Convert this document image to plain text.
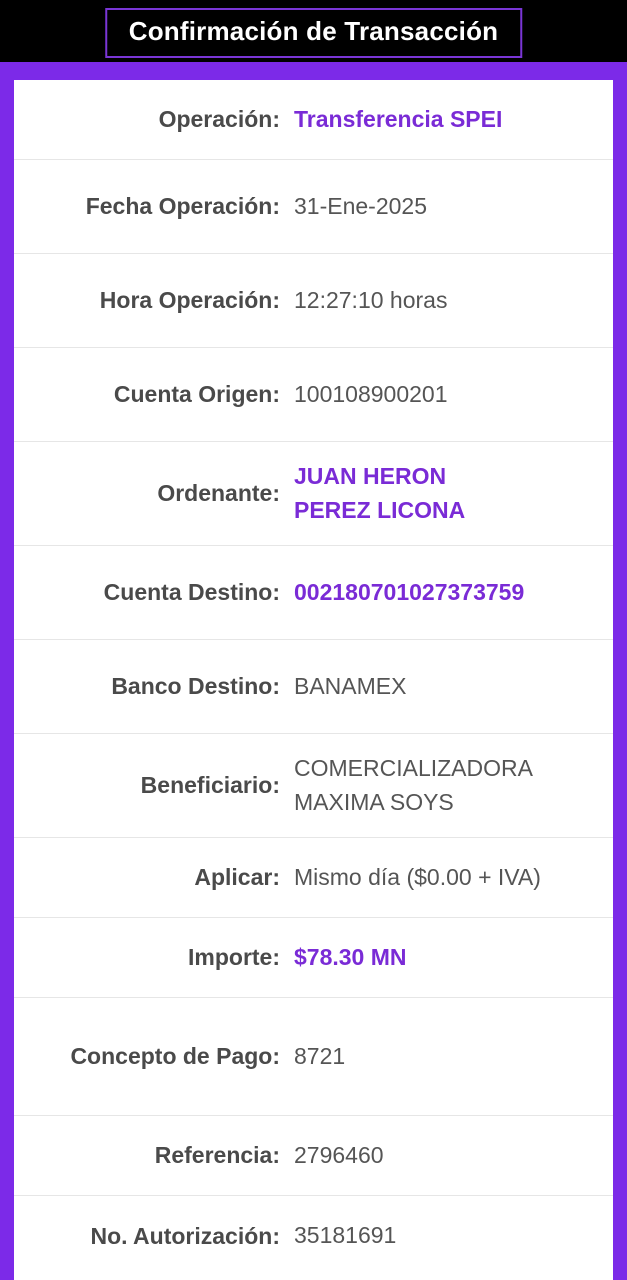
Confirmación de Transacción
Operación: Transferencia SPEI
Fecha Operación: 31-Ene-2025
Hora Operación: 12:27:10 horas
Cuenta Origen: 100108900201
Ordenante:
JUAN HERON
PEREZ LICONA
Cuenta Destino: 002180701027373759
Banco Destino: BANAMEX
Beneficiario:
COMERCIALIZADORA
MAXIMA SOYS
Aplicar: Mismo día ($0.00 + IVA)
Importe: $78.30 MN
Concepto de Pago: 8721
Referencia: 2796460
No. Autorización: 35181691
